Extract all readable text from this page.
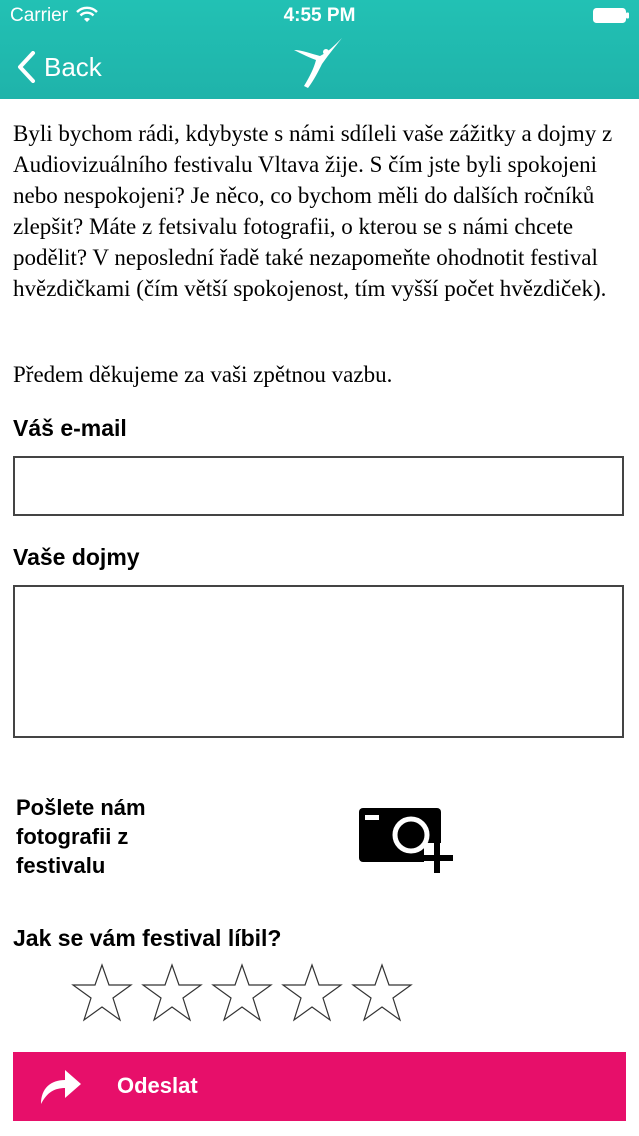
Carrier	4:55 PM
Back

Byli bychom rádi, kdybyste s námi sdíleli vaše zážitky a dojmy z Audiovizuálního festivalu Vltava žije. S čím jste byli spokojeni nebo nespokojeni? Je něco, co bychom měli do dalších ročníků zlepšit? Máte z fetsivalu fotografii, o kterou se s námi chcete podělit? V neposlední řadě také nezapomeňte ohodnotit festival hvězdičkami (čím větší spokojenost, tím vyšší počet hvězdiček).

Předem děkujeme za vaši zpětnou vazbu.

Váš e-mail

Vaše dojmy

Pošlete nám fotografii z festivalu

Jak se vám festival líbil?

Odeslat
